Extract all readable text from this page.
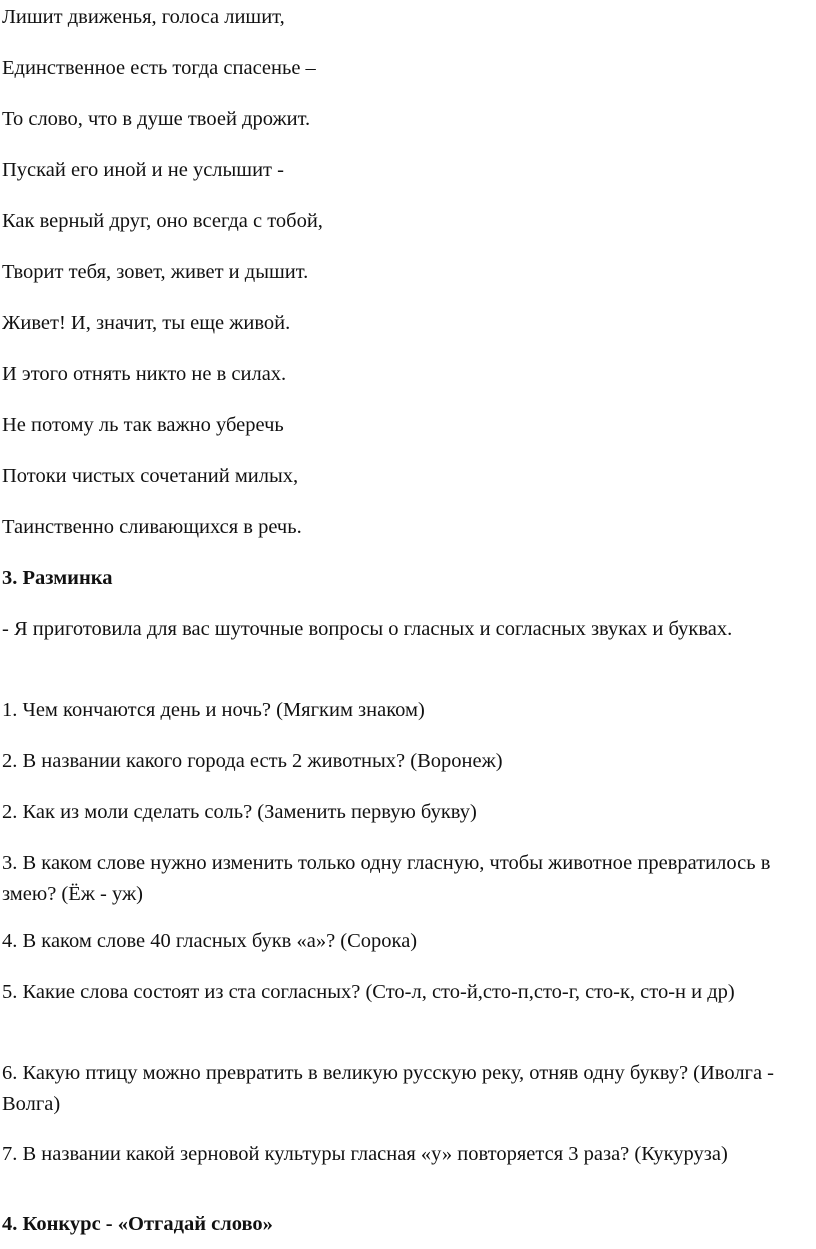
Лишит движенья, голоса лишит,

Единственное есть тогда спасенье –

То слово, что в душе твоей дрожит.

Пускай его иной и не услышит -

Как верный друг, оно всегда с тобой,

Творит тебя, зовет, живет и дышит.

Живет! И, значит, ты еще живой.

И этого отнять никто не в силах.

Не потому ль так важно уберечь

Потоки чистых сочетаний милых,

Таинственно сливающихся в речь.

3. Разминка

- Я приготовила для вас шуточные вопросы о гласных и согласных звуках и буквах.

1. Чем кончаются день и ночь? (Мягким знаком)

2. В названии какого города есть 2 животных? (Воронеж)

2. Как из моли сделать соль? (Заменить первую букву)

3. В каком слове нужно изменить только одну гласную, чтобы животное превратилось в змею? (Ёж - уж)

4. В каком слове 40 гласных букв «а»? (Сорока)

5. Какие слова состоят из ста согласных? (Сто-л, сто-й,сто-п,сто-г, сто-к, сто-н и др)

6. Какую птицу можно превратить в великую русскую реку, отняв одну букву? (Иволга - Волга)

7. В названии какой зерновой культуры гласная «у» повторяется 3 раза? (Кукуруза)

4. Конкурс - «Отгадай слово»
